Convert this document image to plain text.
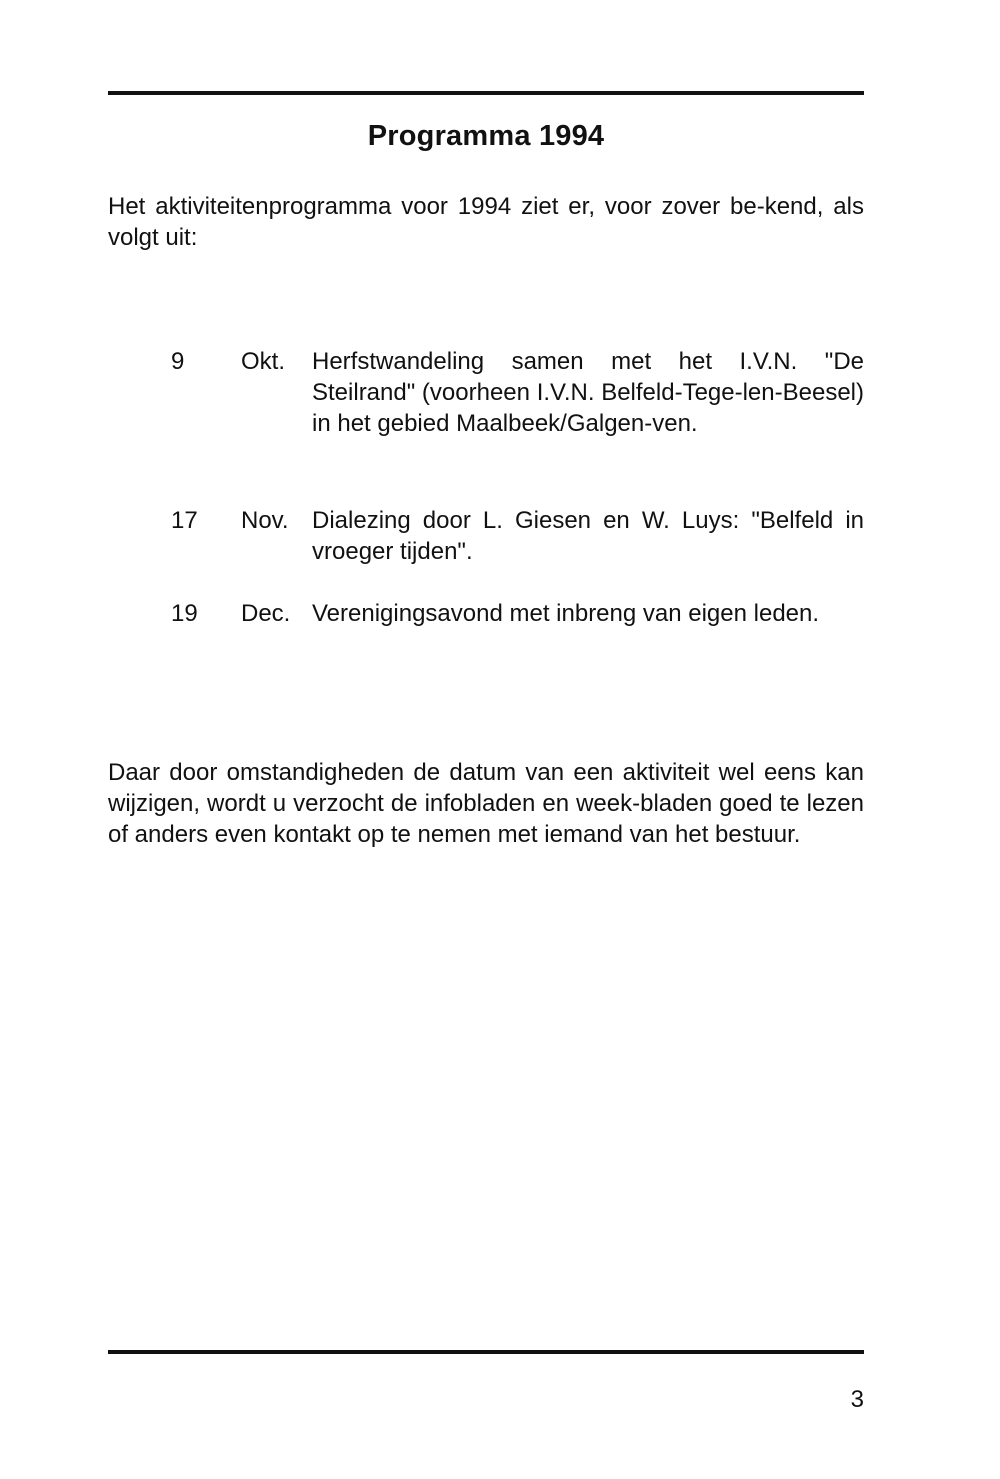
Programma 1994
Het aktiviteitenprogramma voor 1994 ziet er, voor zover be-kend, als volgt uit:
9	Okt.	Herfstwandeling samen met het I.V.N. "De Steilrand" (voorheen I.V.N. Belfeld-Tege-len-Beesel) in het gebied Maalbeek/Galgen-ven.
17	Nov. Dialezing door L. Giesen en W. Luys: "Belfeld in vroeger tijden".
19	Dec. Verenigingsavond met inbreng van eigen leden.
Daar door omstandigheden de datum van een aktiviteit wel eens kan wijzigen, wordt u verzocht de infobladen en week-bladen goed te lezen of anders even kontakt op te nemen met iemand van het bestuur.
3
